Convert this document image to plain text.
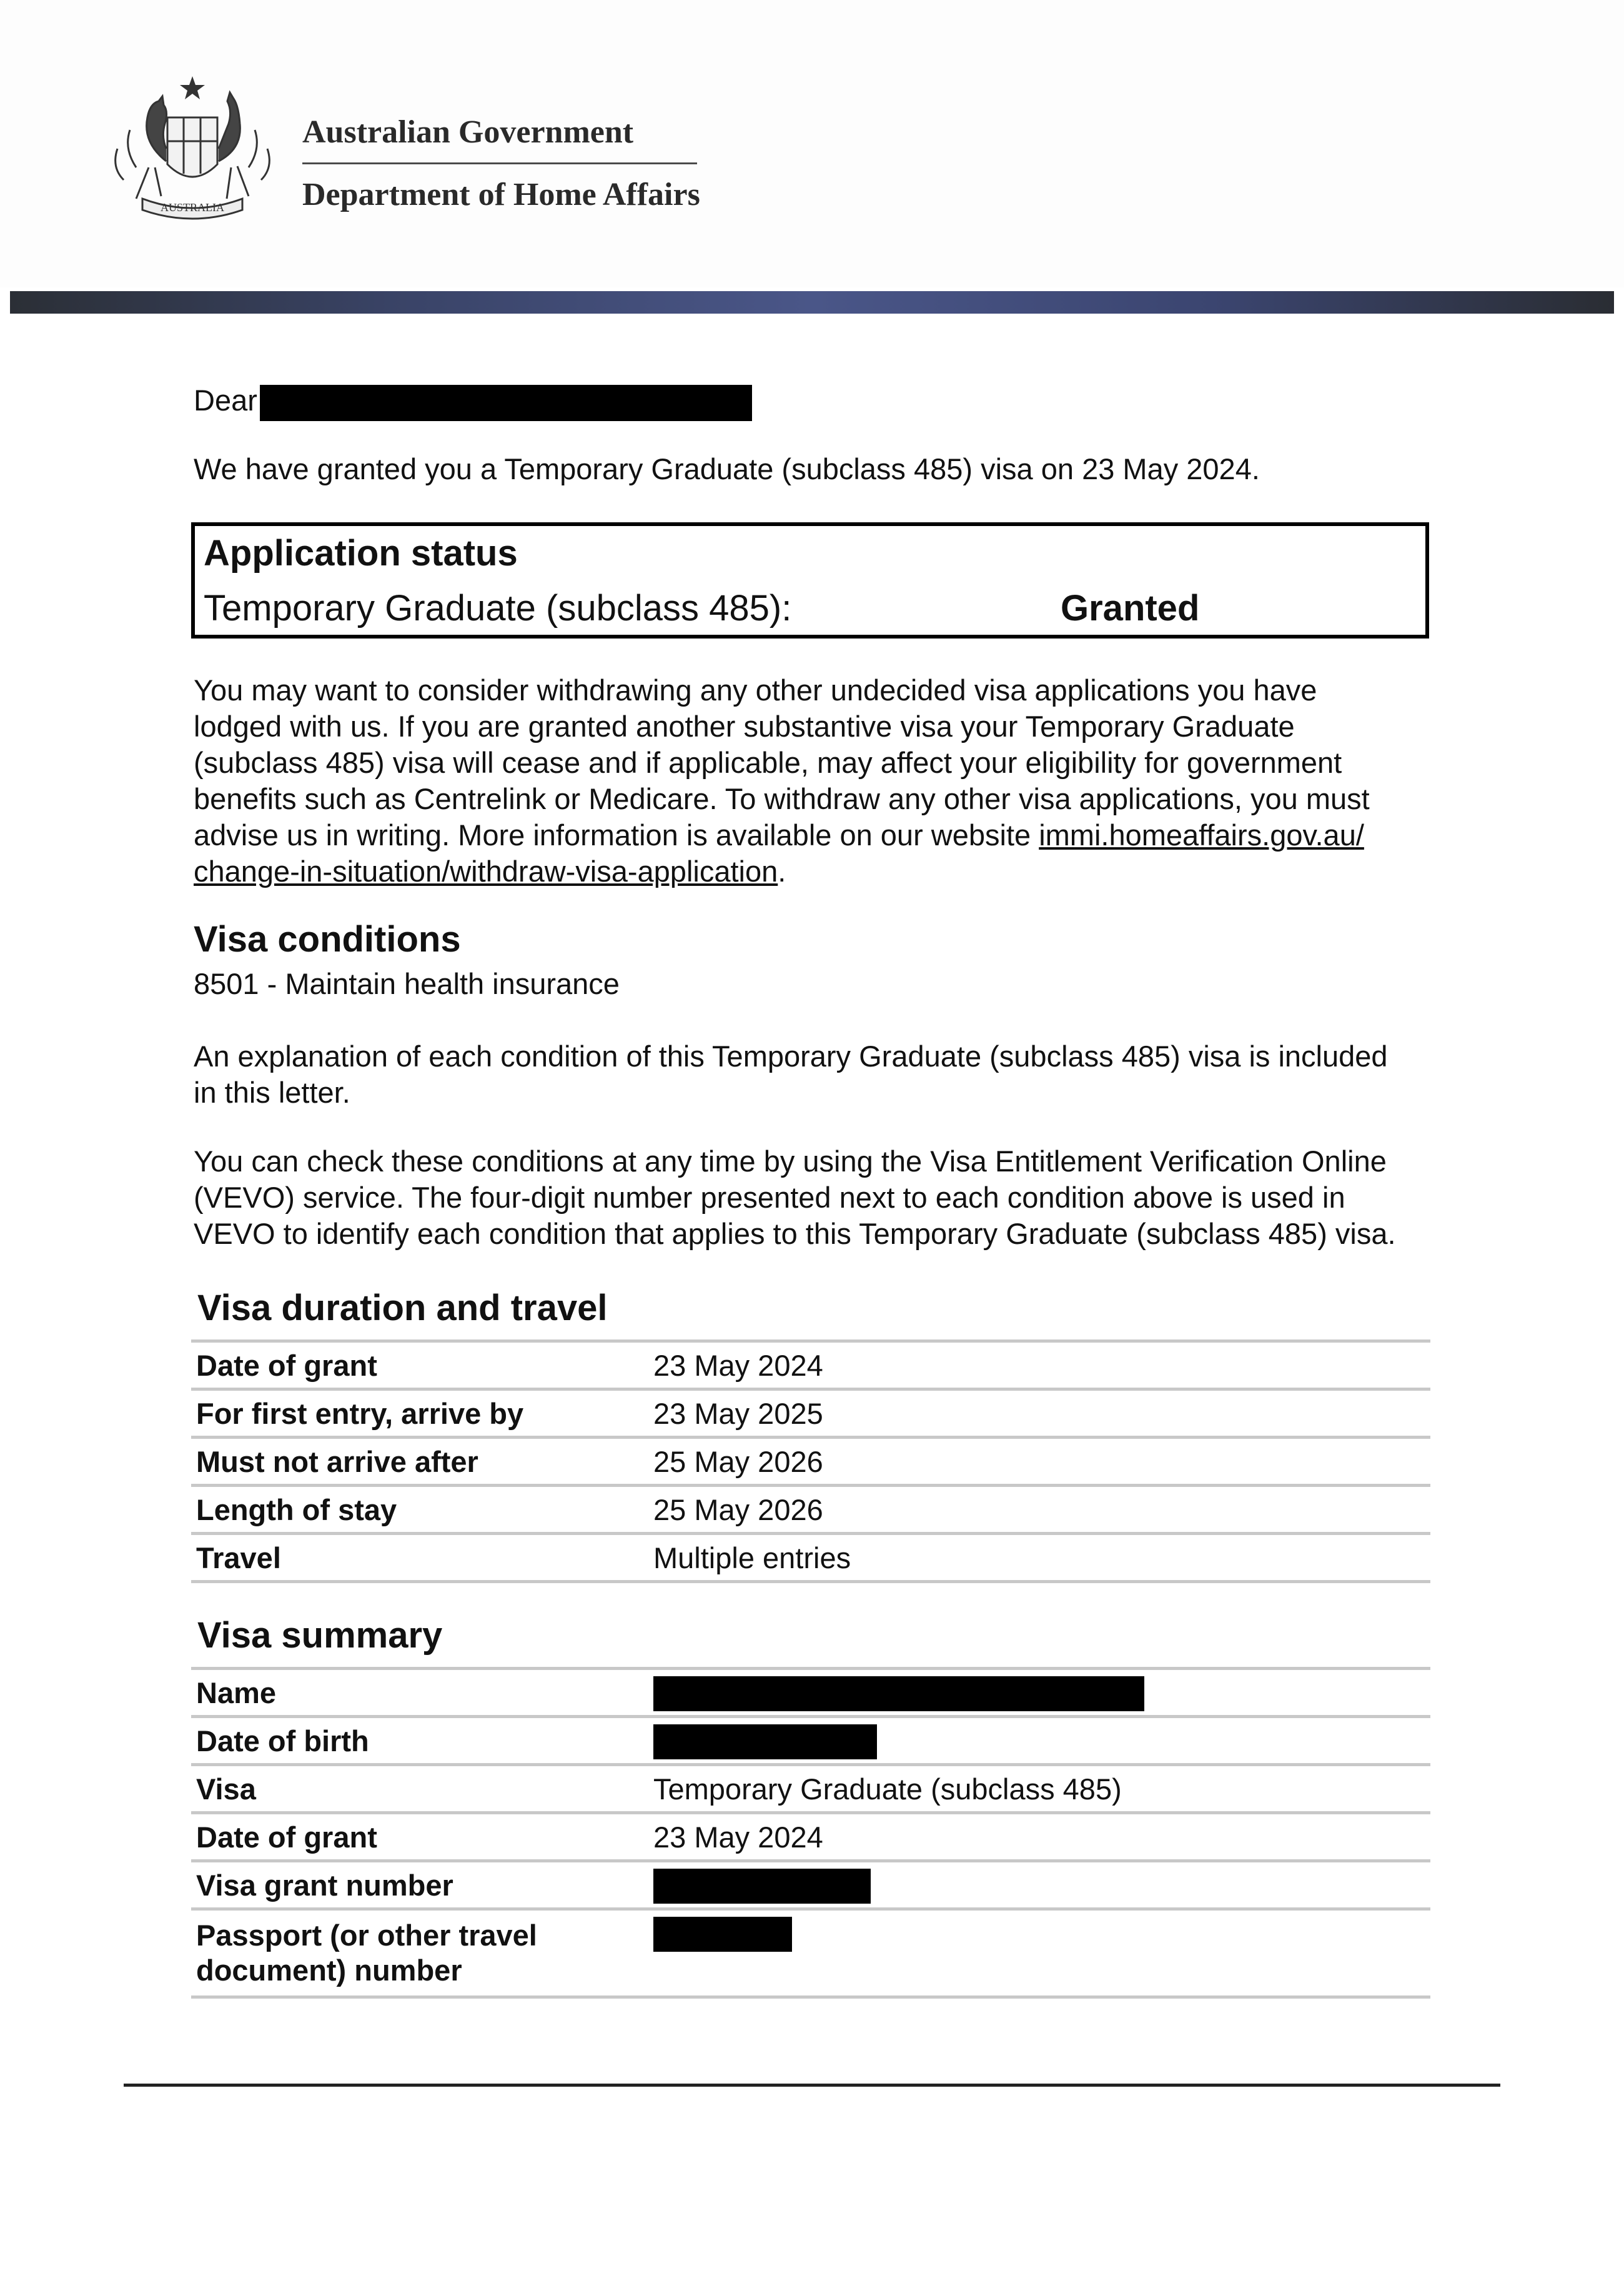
AUSTRALIA
Australian Government
Department of Home Affairs
Dear
We have granted you a Temporary Graduate (subclass 485) visa on 23 May 2024.
Application status
Temporary Graduate (subclass 485):	Granted

You may want to consider withdrawing any other undecided visa applications you have

lodged with us. If you are granted another substantive visa your Temporary Graduate

(subclass 485) visa will cease and if applicable, may affect your eligibility for government

benefits such as Centrelink or Medicare. To withdraw any other visa applications, you must

advise us in writing. More information is available on our website immi.homeaffairs.gov.au/

change-in-situation/withdraw-visa-application.

Visa conditions
8501 - Maintain health insurance

An explanation of each condition of this Temporary Graduate (subclass 485) visa is included

in this letter.

You can check these conditions at any time by using the Visa Entitlement Verification Online

(VEVO) service. The four-digit number presented next to each condition above is used in

VEVO to identify each condition that applies to this Temporary Graduate (subclass 485) visa.

Visa duration and travel
Date of grant	23 May 2024
For first entry, arrive by	23 May 2025
Must not arrive after	25 May 2026
Length of stay	25 May 2026
Travel	Multiple entries
Visa summary
Name	
Date of birth	
Visa	Temporary Graduate (subclass 485)
Date of grant	23 May 2024
Visa grant number	
Passport (or other travel document) number	
